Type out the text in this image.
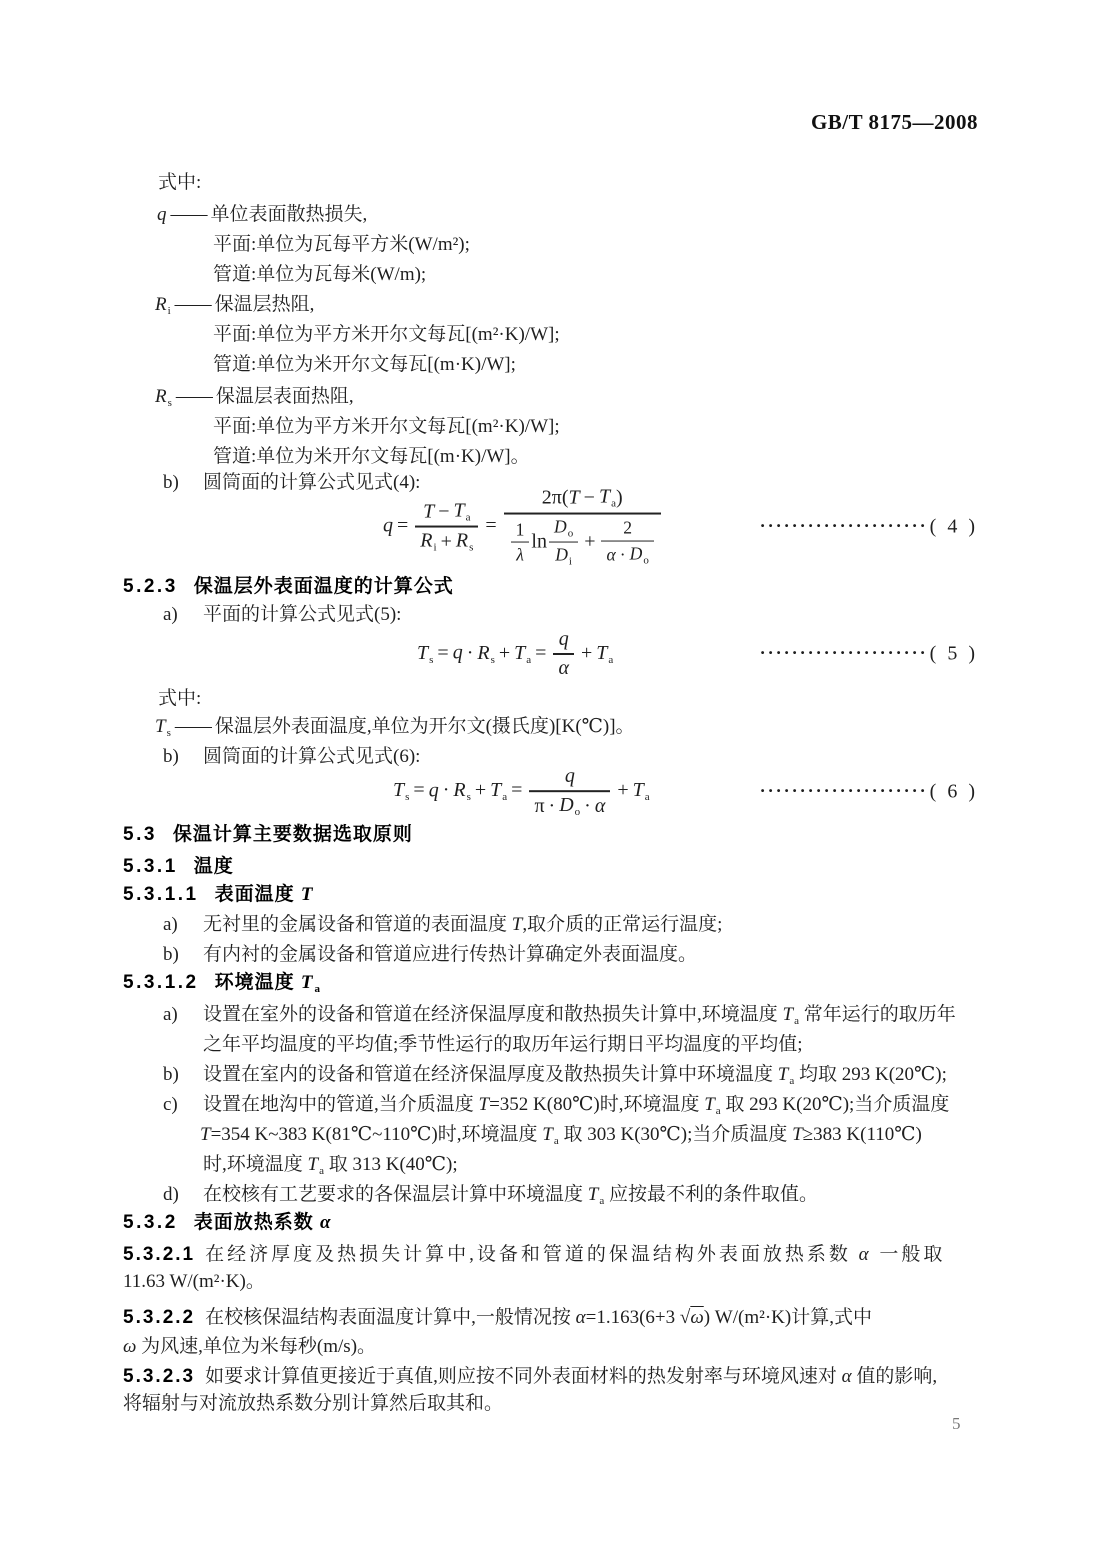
GB/T 8175—2008
式中:
q —— 单位表面散热损失,
平面:单位为瓦每平方米(W/m²);
管道:单位为瓦每米(W/m);
$R_i$ —— 保温层热阻,
平面:单位为平方米开尔文每瓦[(m²·K)/W];
管道:单位为米开尔文每瓦[(m·K)/W];
$R_s$ —— 保温层表面热阻,
平面:单位为平方米开尔文每瓦[(m²·K)/W];
管道:单位为米开尔文每瓦[(m·K)/W]。
b) 圆筒面的计算公式见式(4):
$q = \frac{T - T_a}{R_i + R_s} = \frac{2\pi( T - T_a )}{\frac{1}{\lambda} \ln \frac{D_o}{D_i} + \frac{2}{\alpha \cdot D_o}}$	····················· ( 4 )
5.2.3 保温层外表面温度的计算公式
a) 平面的计算公式见式(5):
$T_s = q \cdot R_s + T_a = \frac{q}{\alpha} + T_a$	····················· ( 5 )
式中:
$T_s$ —— 保温层外表面温度,单位为开尔文(摄氏度)[K(℃)]。
b) 圆筒面的计算公式见式(6):
$T_s = q \cdot R_s + T_a = \frac{q}{\pi \cdot D_o \cdot \alpha} + T_a$	····················· ( 6 )
5.3 保温计算主要数据选取原则
5.3.1 温度
5.3.1.1 表面温度 T
a) 无衬里的金属设备和管道的表面温度 T,取介质的正常运行温度;
b) 有内衬的金属设备和管道应进行传热计算确定外表面温度。
5.3.1.2 环境温度 $T_a$
a) 设置在室外的设备和管道在经济保温厚度和散热损失计算中,环境温度 $T_a$ 常年运行的取历年
之年平均温度的平均值;季节性运行的取历年运行期日平均温度的平均值;
b) 设置在室内的设备和管道在经济保温厚度及散热损失计算中环境温度 $T_a$ 均取 293 K(20℃);
c) 设置在地沟中的管道,当介质温度 T=352 K(80℃)时,环境温度 $T_a$ 取 293 K(20℃);当介质温度
T=354 K~383 K(81℃~110℃)时,环境温度 $T_a$ 取 303 K(30℃);当介质温度 T≥383 K(110℃)
时,环境温度 $T_a$ 取 313 K(40℃);
d) 在校核有工艺要求的各保温层计算中环境温度 $T_a$ 应按最不利的条件取值。
5.3.2 表面放热系数 α
5.3.2.1 在经济厚度及热损失计算中,设备和管道的保温结构外表面放热系数 α 一般取
11.63 W/(m²·K)。
5.3.2.2 在校核保温结构表面温度计算中,一般情况按 α=1.163(6+3 √ω) W/(m²·K)计算,式中
ω 为风速,单位为米每秒(m/s)。
5.3.2.3 如要求计算值更接近于真值,则应按不同外表面材料的热发射率与环境风速对 α 值的影响,
将辐射与对流放热系数分别计算然后取其和。
5
